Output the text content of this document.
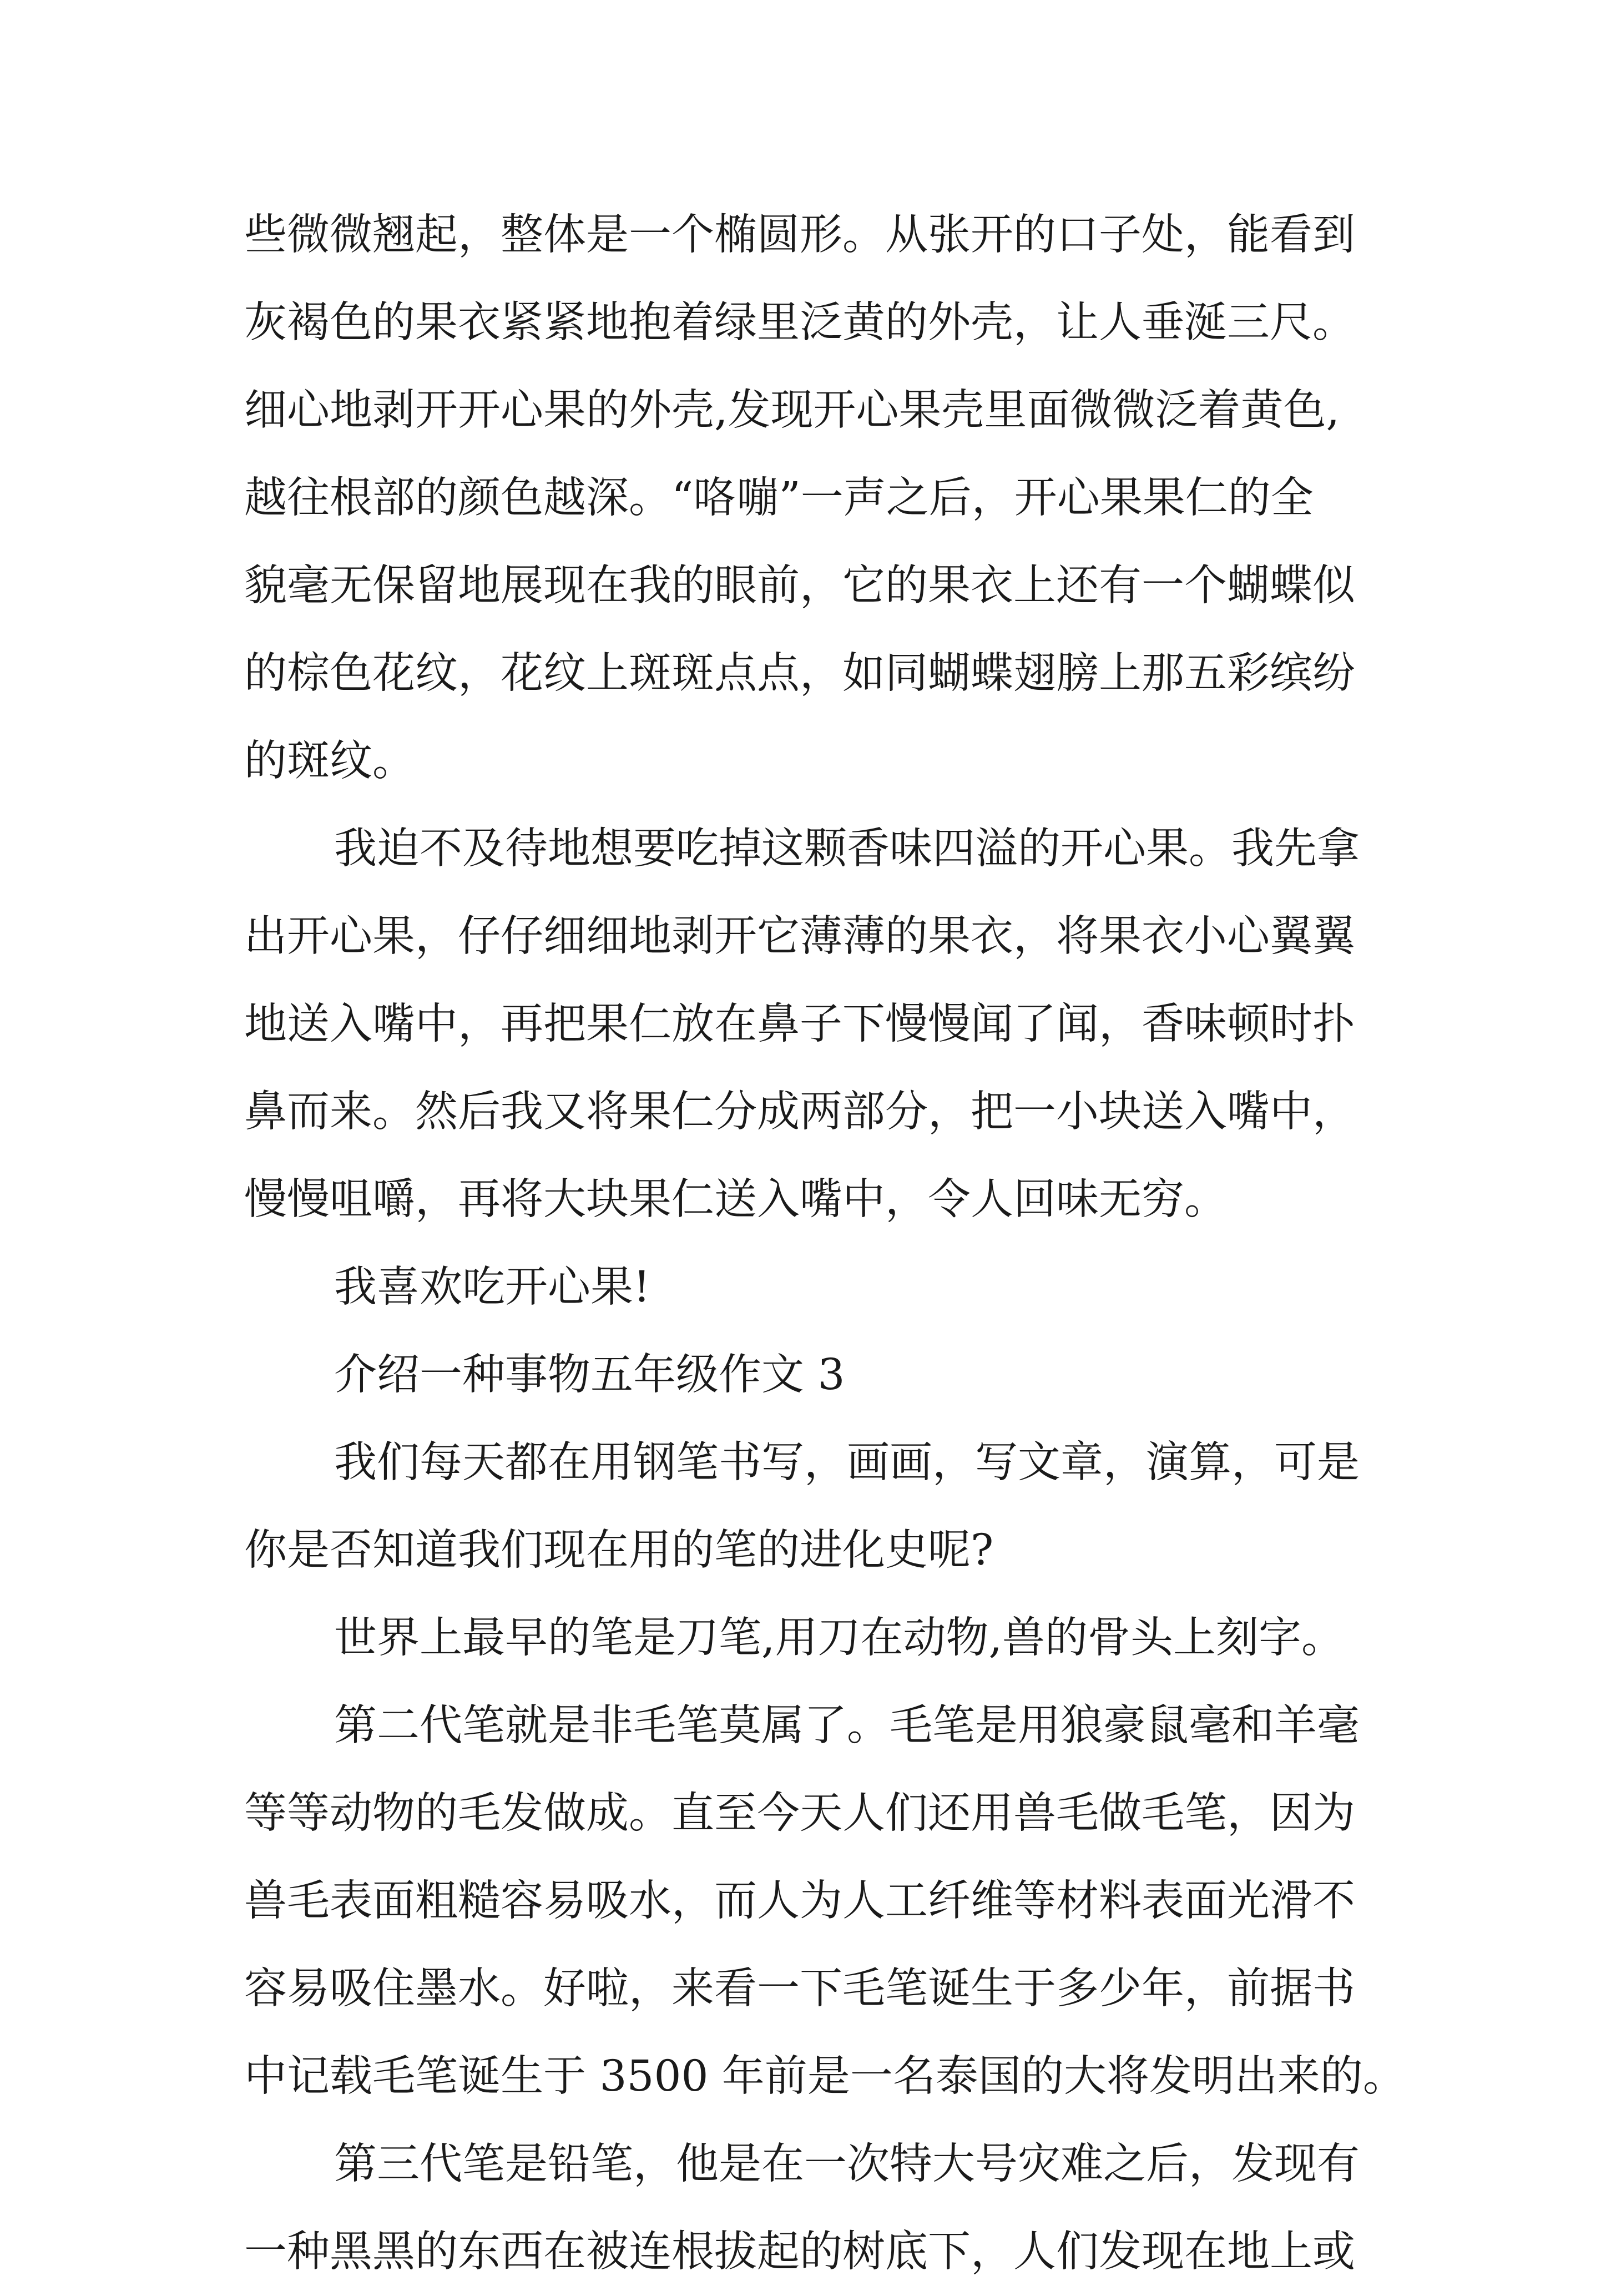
些微微翘起，整体是一个椭圆形。从张开的口子处，能看到
灰褐色的果衣紧紧地抱着绿里泛黄的外壳，让人垂涎三尺。
细心地剥开开心果的外壳,发现开心果壳里面微微泛着黄色,
越往根部的颜色越深。“咯嘣”一声之后，开心果果仁的全
貌毫无保留地展现在我的眼前，它的果衣上还有一个蝴蝶似
的棕色花纹，花纹上斑斑点点，如同蝴蝶翅膀上那五彩缤纷
的斑纹。
我迫不及待地想要吃掉这颗香味四溢的开心果。我先拿
出开心果，仔仔细细地剥开它薄薄的果衣，将果衣小心翼翼
地送入嘴中，再把果仁放在鼻子下慢慢闻了闻，香味顿时扑
鼻而来。然后我又将果仁分成两部分，把一小块送入嘴中，
慢慢咀嚼，再将大块果仁送入嘴中，令人回味无穷。
我喜欢吃开心果!
介绍一种事物五年级作文 3
我们每天都在用钢笔书写，画画，写文章，演算，可是
你是否知道我们现在用的笔的进化史呢?
世界上最早的笔是刀笔,用刀在动物,兽的骨头上刻字。
第二代笔就是非毛笔莫属了。毛笔是用狼豪鼠毫和羊毫
等等动物的毛发做成。直至今天人们还用兽毛做毛笔，因为
兽毛表面粗糙容易吸水，而人为人工纤维等材料表面光滑不
容易吸住墨水。好啦，来看一下毛笔诞生于多少年，前据书
中记载毛笔诞生于 3500 年前是一名泰国的大将发明出来的。
第三代笔是铅笔，他是在一次特大号灾难之后，发现有
一种黑黑的东西在被连根拔起的树底下，人们发现在地上或
